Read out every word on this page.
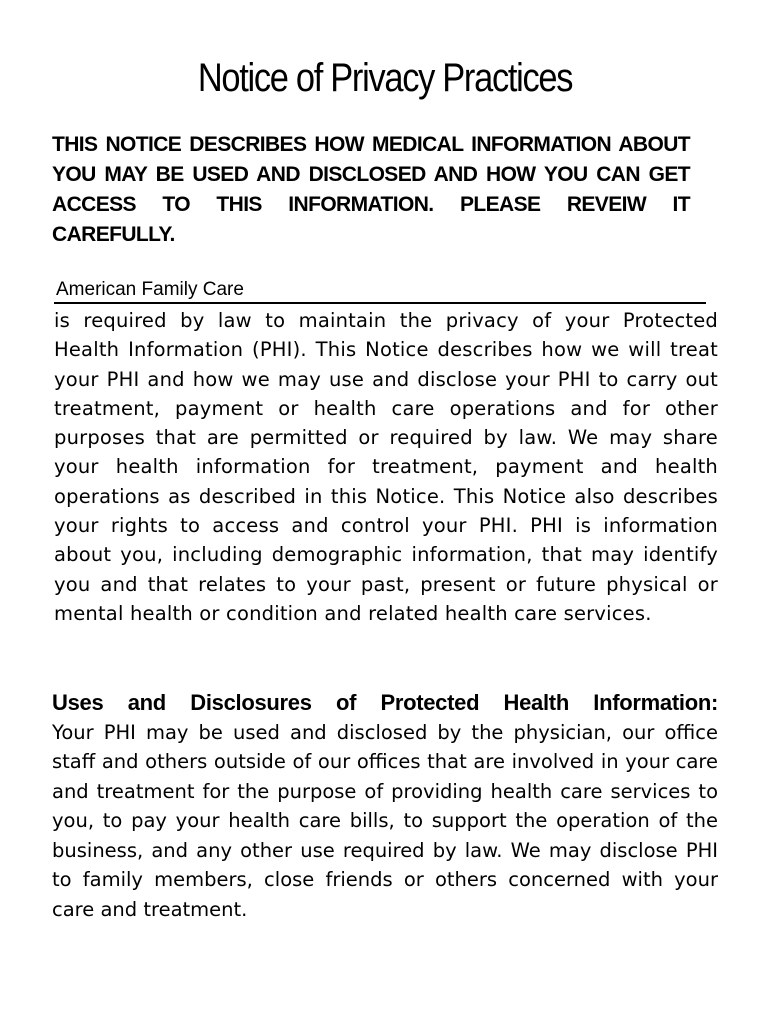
Notice of Privacy Practices

THIS NOTICE DESCRIBES HOW MEDICAL INFORMATION ABOUT YOU MAY BE USED AND DISCLOSED AND HOW YOU CAN GET ACCESS TO THIS INFORMATION. PLEASE REVEIW IT CAREFULLY.

American Family Care

is required by law to maintain the privacy of your Protected Health Information (PHI). This Notice describes how we will treat your PHI and how we may use and disclose your PHI to carry out treatment, payment or health care operations and for other purposes that are permitted or required by law. We may share your health information for treatment, payment and health operations as described in this Notice. This Notice also describes your rights to access and control your PHI. PHI is information about you, including demographic information, that may identify you and that relates to your past, present or future physical or mental health or condition and related health care services.

Uses and Disclosures of Protected Health Information:
Your PHI may be used and disclosed by the physician, our office staff and others outside of our offices that are involved in your care and treatment for the purpose of providing health care services to you, to pay your health care bills, to support the operation of the business, and any other use required by law. We may disclose PHI to family members, close friends or others concerned with your care and treatment.
